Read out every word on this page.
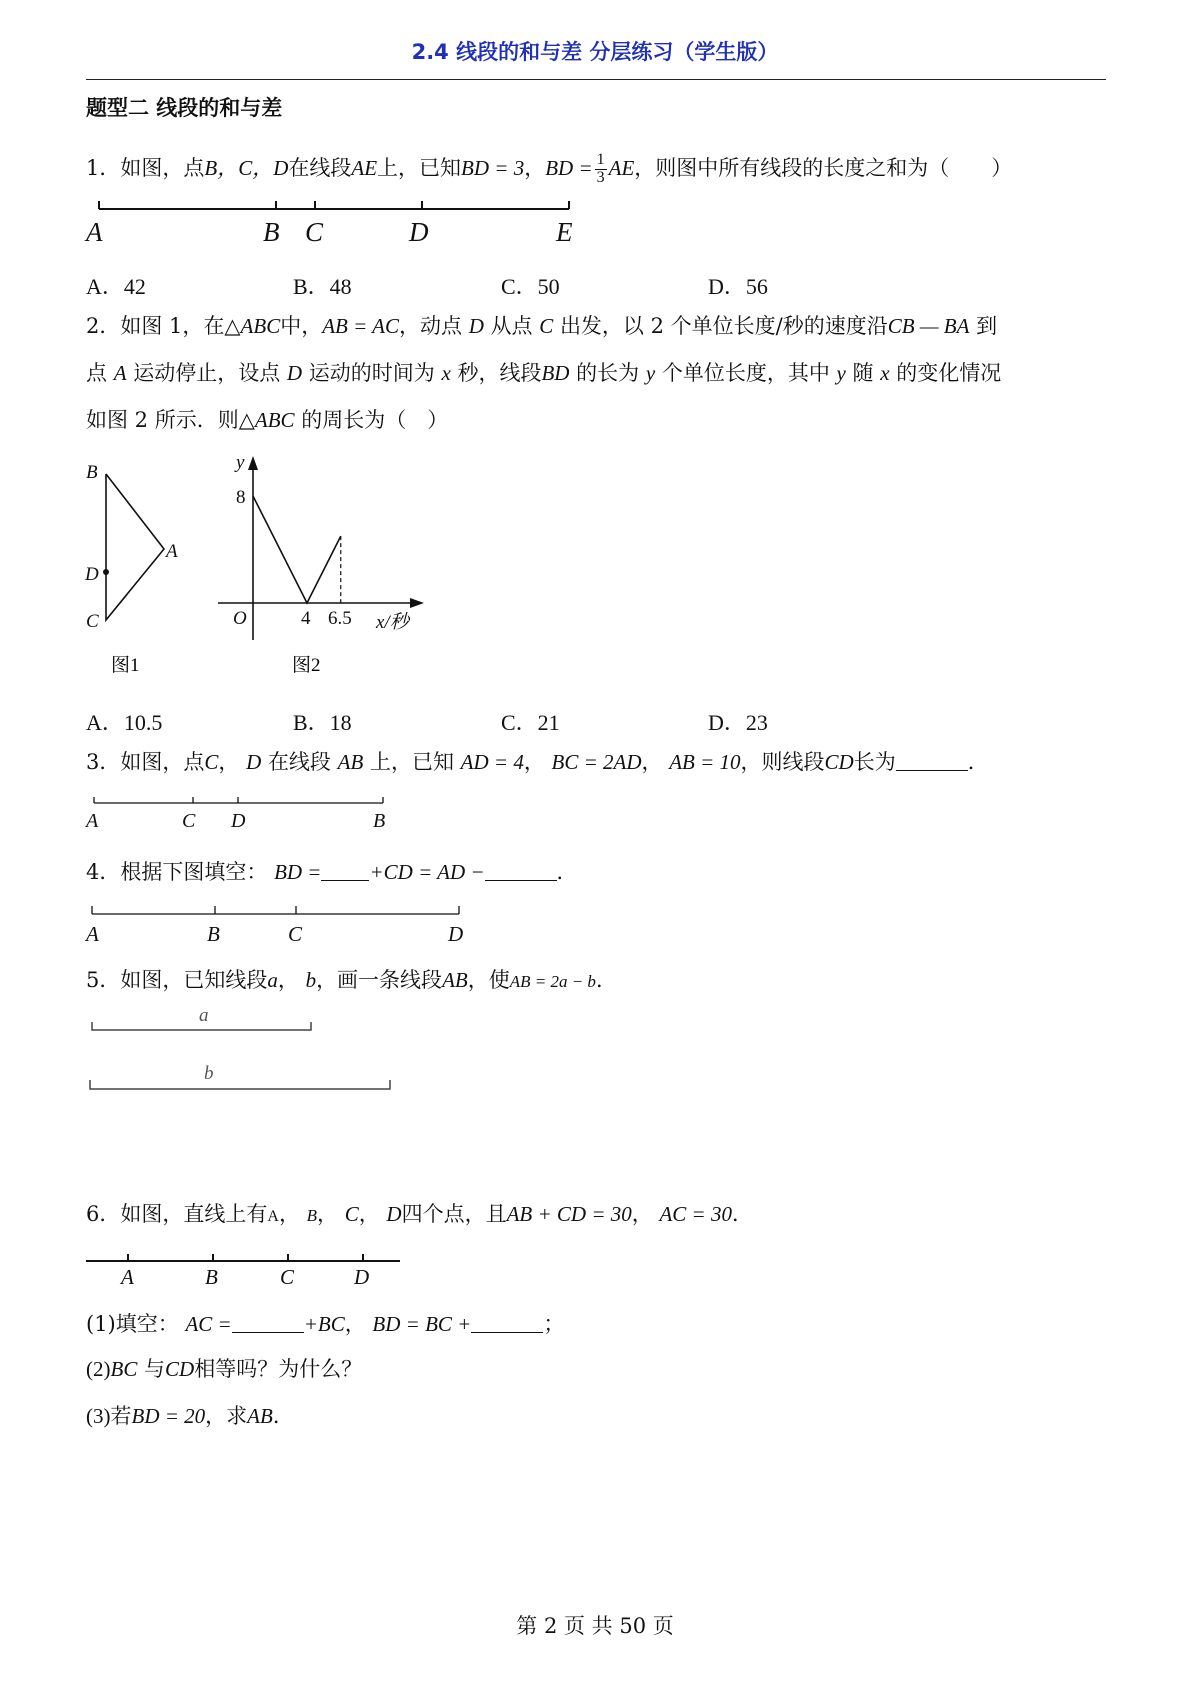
2.4 线段的和与差 分层练习（学生版）
题型二 线段的和与差
1．如图，点B，C，D在线段AE上，已知BD = 3，BD = $\frac{1}{3}$ AE，则图中所有线段的长度之和为（　　）
A．42	B．48	C．50	D．56
2．如图 1，在△ABC中，AB = AC，动点 D 从点 C 出发，以 2 个单位长度/秒的速度沿CB — BA 到
点 A 运动停止，设点 D 运动的时间为 x 秒，线段BD 的长为 y 个单位长度，其中 y 随 x 的变化情况
如图 2 所示．则△ABC 的周长为（　）
A．10.5	B．18	C．21	D．23
3．如图，点C， D 在线段 AB 上，已知 AD = 4， BC = 2AD， AB = 10，则线段CD长为	．
4．根据下图填空： BD = +CD = AD −	．
5．如图，已知线段a， b，画一条线段AB，使AB = 2a − b．
6．如图，直线上有A， B， C， D四个点，且AB + CD = 30， AC = 30．
(1)填空： AC =	+BC， BD = BC +	；
(2)BC 与CD相等吗？为什么？
(3)若BD = 20，求AB．
A	B C	D	E
B
A
D
C
图1
y
8
O	4 6.5 x/秒
图2
A	C D	B
A	B	C	D
a
b
A	B	C	D
第 2 页 共 50 页
